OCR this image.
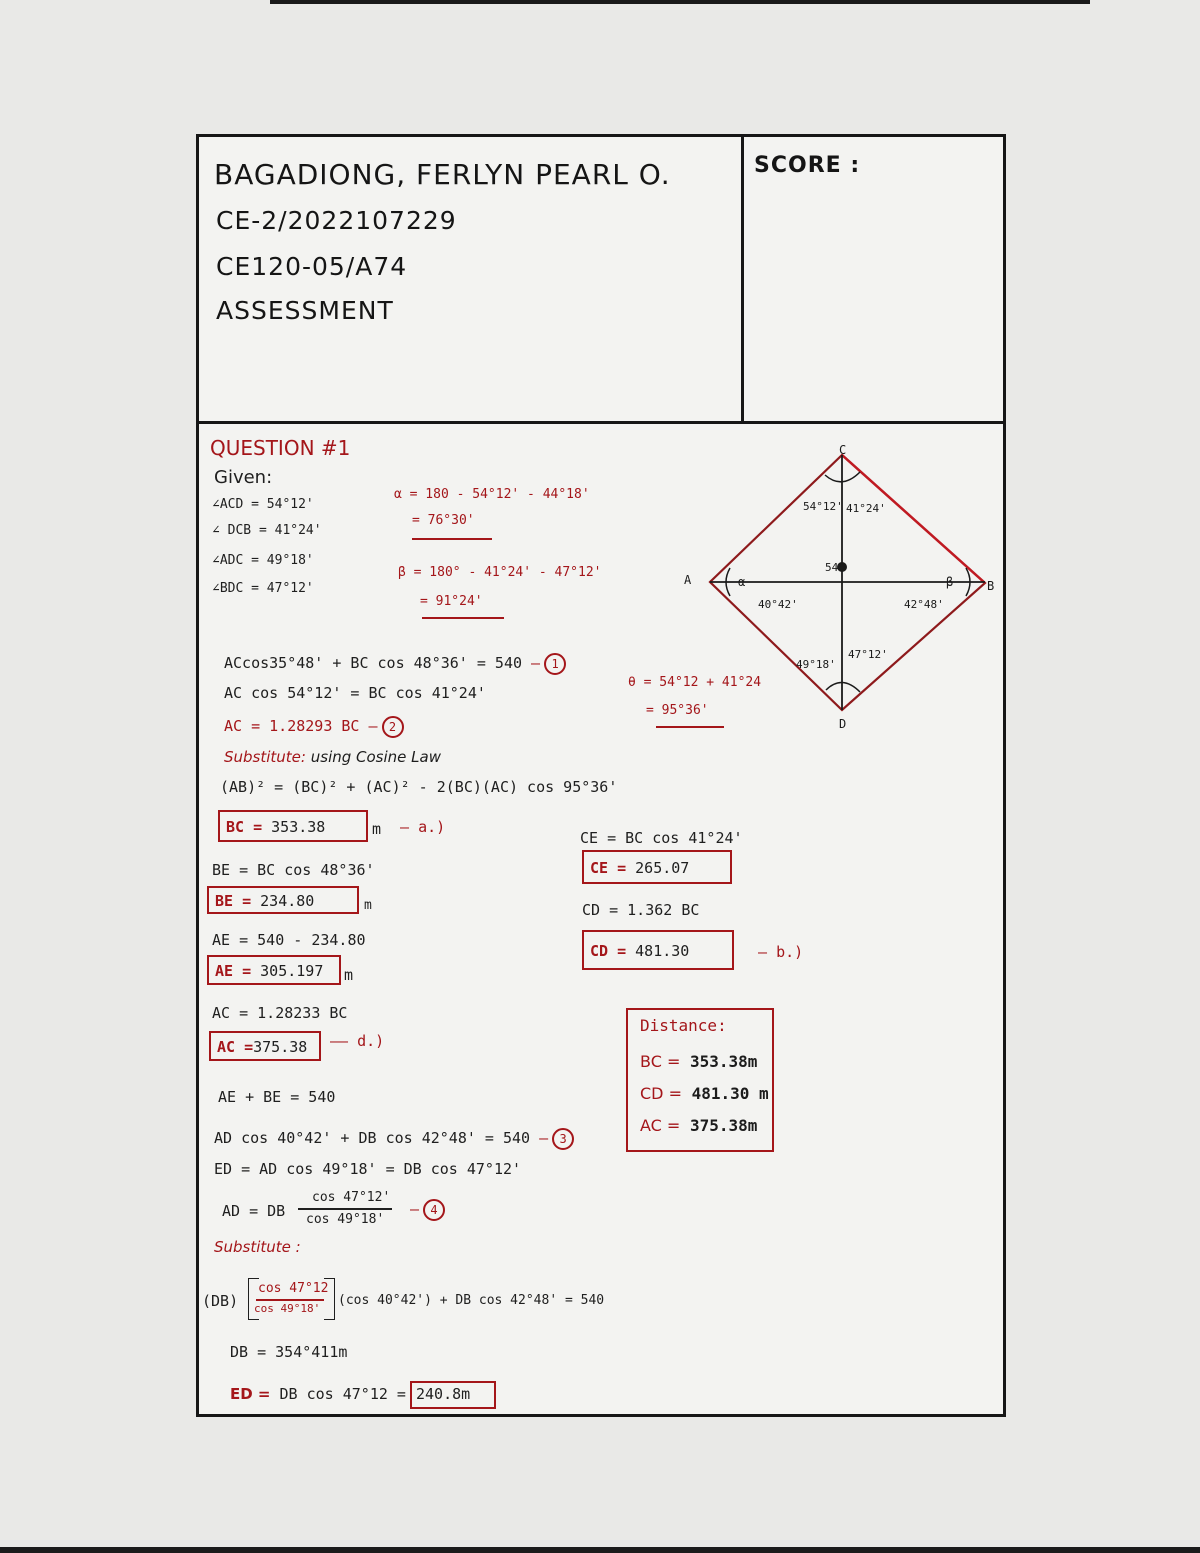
BAGADIONG, FERLYN PEARL O.
CE-2/2022107229
CE120-05/A74
ASSESSMENT
SCORE :
QUESTION #1
Given:
∠ACD = 54°12'
∠ DCB = 41°24'
∠ADC = 49°18'
∠BDC = 47°12'
α = 180 - 54°12' - 44°18'
= 76°30'
β = 180° - 41°24' - 47°12'
= 91°24'
A	B
C
D
540
54°12' 41°24'
40°42'	42°48'
49°18'
47°12'
α	β
ACcos35°48' + BC cos 48°36' = 540 — 1
AC cos 54°12' = BC cos 41°24'
AC = 1.28293 BC — 2
θ = 54°12 + 41°24
= 95°36'
Substitute: using Cosine Law
(AB)² = (BC)² + (AC)² - 2(BC)(AC) cos 95°36'
BC = 353.38	m — a.)
BE = BC cos 48°36'
BE = 234.80	m
AE = 540 - 234.80
AE = 305.197	m
AC = 1.28233 BC
AC =375.38	—— d.)
CE = BC cos 41°24'
CE = 265.07
CD = 1.362 BC
CD = 481.30	— b.)
Distance:
BC = 353.38m
CD = 481.30 m
AC = 375.38m
AE + BE = 540
AD cos 40°42' + DB cos 42°48' = 540 — 3
ED = AD cos 49°18' = DB cos 47°12'
AD = DB
cos 47°12'
cos 49°18'
— 4
Substitute :
(DB)
cos 47°12
cos 49°18'
(cos 40°42') + DB cos 42°48' = 540
DB = 354°411m
ED = DB cos 47°12 = 240.8m
